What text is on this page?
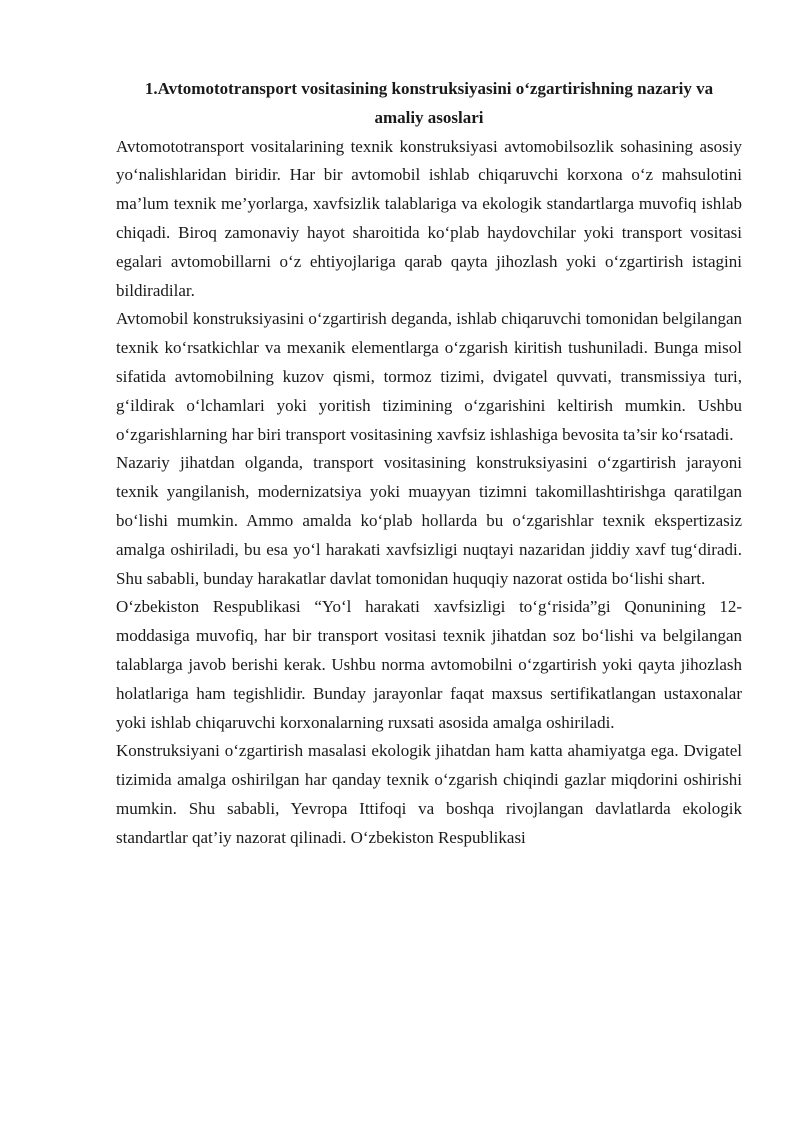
1.Avtomototransport vositasining konstruksiyasini o‘zgartirishning nazariy va amaliy asoslari

Avtomototransport vositalarining texnik konstruksiyasi avtomobilsozlik sohasining asosiy yo‘nalishlaridan biridir. Har bir avtomobil ishlab chiqaruvchi korxona o‘z mahsulotini ma’lum texnik me’yorlarga, xavfsizlik talablariga va ekologik standartlarga muvofiq ishlab chiqadi. Biroq zamonaviy hayot sharoitida ko‘plab haydovchilar yoki transport vositasi egalari avtomobillarni o‘z ehtiyojlariga qarab qayta jihozlash yoki o‘zgartirish istagini bildiradilar.

Avtomobil konstruksiyasini o‘zgartirish deganda, ishlab chiqaruvchi tomonidan belgilangan texnik ko‘rsatkichlar va mexanik elementlarga o‘zgarish kiritish tushuniladi. Bunga misol sifatida avtomobilning kuzov qismi, tormoz tizimi, dvigatel quvvati, transmissiya turi, g‘ildirak o‘lchamlari yoki yoritish tizimining o‘zgarishini keltirish mumkin. Ushbu o‘zgarishlarning har biri transport vositasining xavfsiz ishlashiga bevosita ta’sir ko‘rsatadi.

Nazariy jihatdan olganda, transport vositasining konstruksiyasini o‘zgartirish jarayoni texnik yangilanish, modernizatsiya yoki muayyan tizimni takomillashtirishga qaratilgan bo‘lishi mumkin. Ammo amalda ko‘plab hollarda bu o‘zgarishlar texnik ekspertizasiz amalga oshiriladi, bu esa yo‘l harakati xavfsizligi nuqtayi nazaridan jiddiy xavf tug‘diradi. Shu sababli, bunday harakatlar davlat tomonidan huquqiy nazorat ostida bo‘lishi shart.

O‘zbekiston Respublikasi “Yo‘l harakati xavfsizligi to‘g‘risida”gi Qonunining 12-moddasiga muvofiq, har bir transport vositasi texnik jihatdan soz bo‘lishi va belgilangan talablarga javob berishi kerak. Ushbu norma avtomobilni o‘zgartirish yoki qayta jihozlash holatlariga ham tegishlidir. Bunday jarayonlar faqat maxsus sertifikatlangan ustaxonalar yoki ishlab chiqaruvchi korxonalarning ruxsati asosida amalga oshiriladi.

Konstruksiyani o‘zgartirish masalasi ekologik jihatdan ham katta ahamiyatga ega. Dvigatel tizimida amalga oshirilgan har qanday texnik o‘zgarish chiqindi gazlar miqdorini oshirishi mumkin. Shu sababli, Yevropa Ittifoqi va boshqa rivojlangan davlatlarda ekologik standartlar qat’iy nazorat qilinadi. O‘zbekiston Respublikasi
